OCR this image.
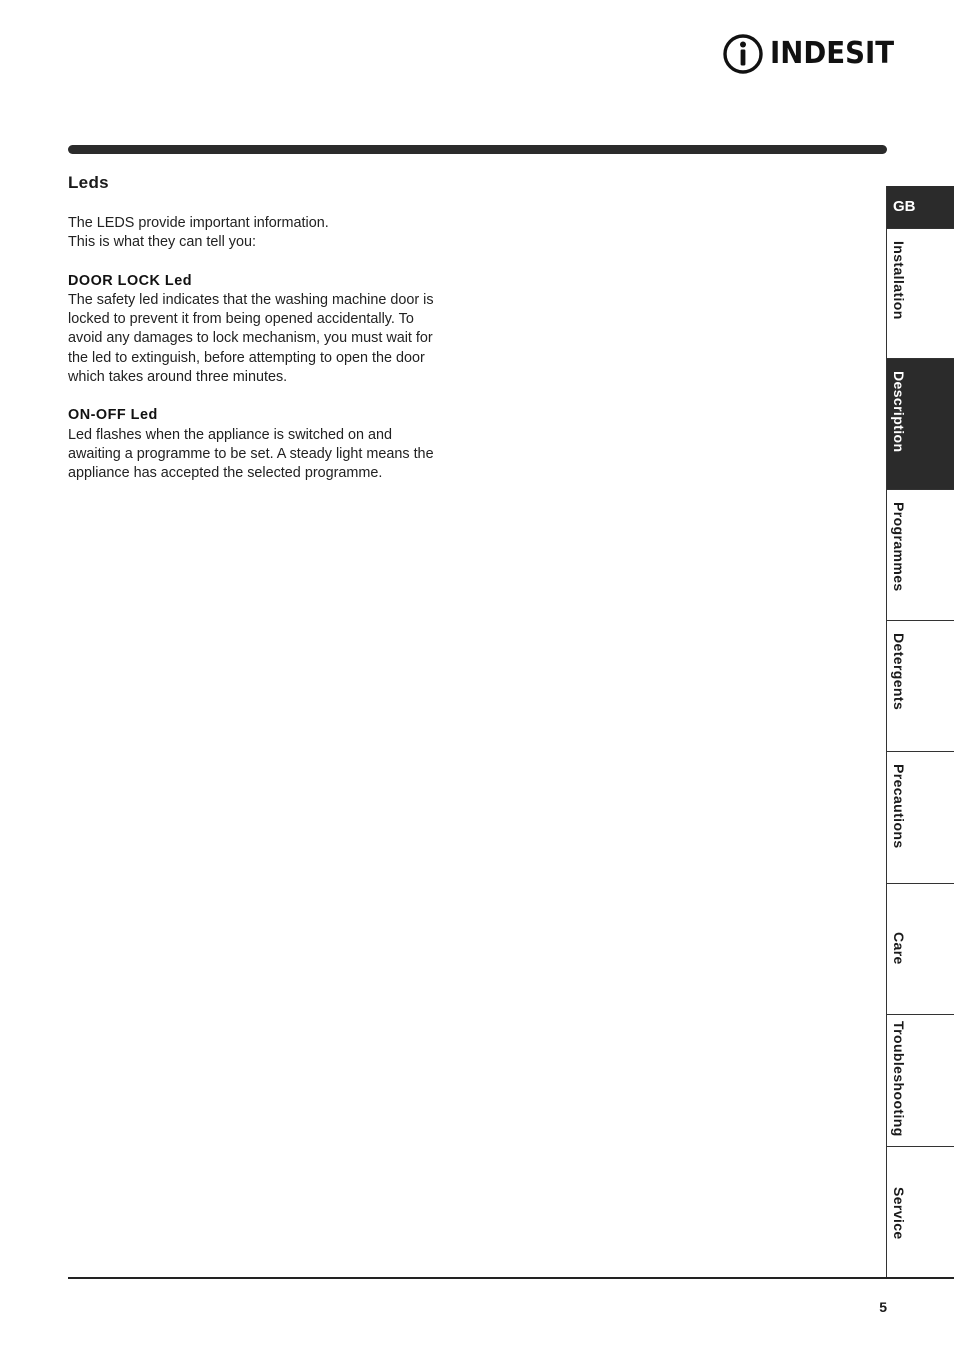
INDESIT
Leds

The LEDS provide important information.
This is what they can tell you:

DOOR LOCK Led

The safety led indicates that the washing machine door is locked to prevent it from being opened accidentally. To avoid any damages to lock mechanism, you must wait for the led to extinguish, before attempting to open the door which takes around three minutes.

ON-OFF Led

Led flashes when the appliance is switched on and awaiting a programme to be set. A steady light means the appliance has accepted the selected programme.

GB
Installation
Description
Programmes
Detergents
Precautions
Care
Troubleshooting
Service
5
